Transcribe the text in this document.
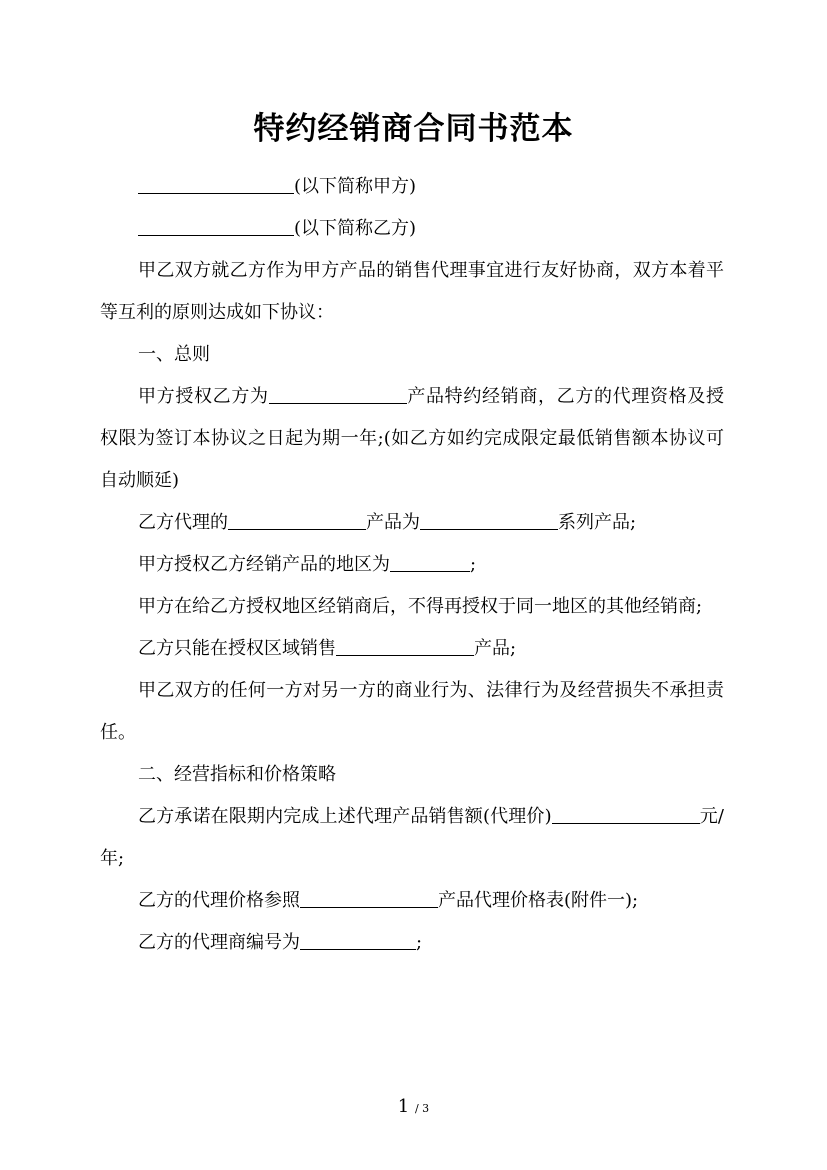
特约经销商合同书范本

(以下简称甲方)

(以下简称乙方)

甲乙双方就乙方作为甲方产品的销售代理事宜进行友好协商，双方本着平等互利的原则达成如下协议：

一、总则

甲方授权乙方为	产品特约经销商，乙方的代理资格及授权限为签订本协议之日起为期一年;(如乙方如约完成限定最低销售额本协议可自动顺延)

乙方代理的	产品为	系列产品;

甲方授权乙方经销产品的地区为	;

甲方在给乙方授权地区经销商后，不得再授权于同一地区的其他经销商;

乙方只能在授权区域销售	产品;

甲乙双方的任何一方对另一方的商业行为、法律行为及经营损失不承担责任。

二、经营指标和价格策略

乙方承诺在限期内完成上述代理产品销售额(代理价)	元/年;

乙方的代理价格参照	产品代理价格表(附件一);

乙方的代理商编号为	;

1 / 3
